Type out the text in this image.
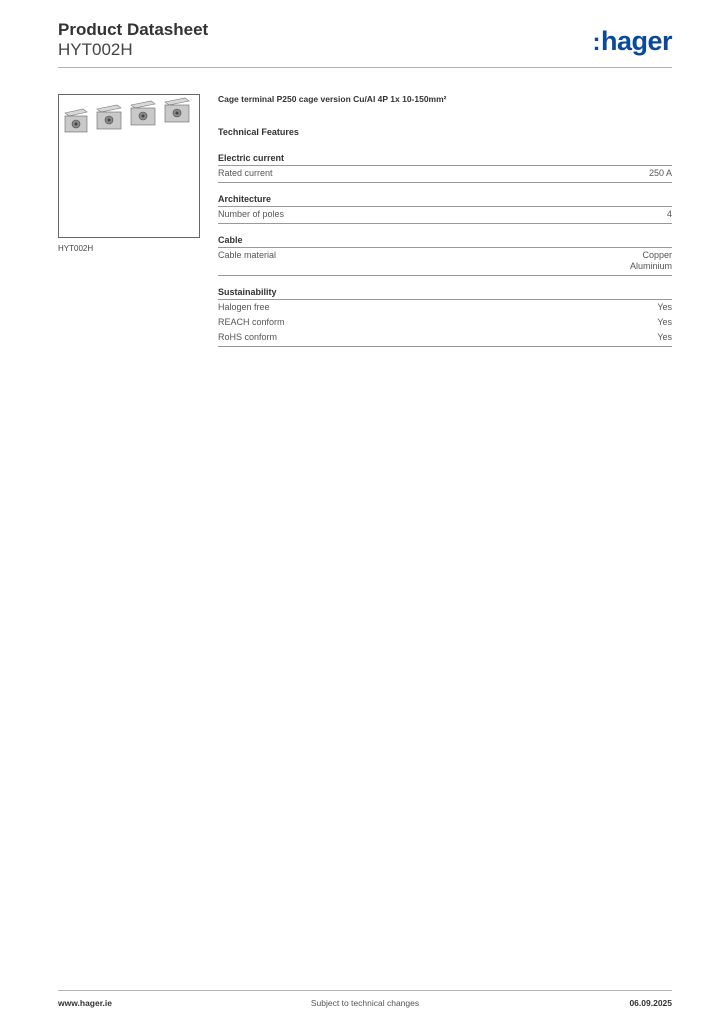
Product Datasheet
HYT002H	:hager
HYT002H
Cage terminal P250 cage version Cu/Al 4P 1x 10-150mm²
Technical Features
Electric current
Rated current	250 A
Architecture
Number of poles	4
Cable
Cable material	Copper
Aluminium
Sustainability
Halogen free	Yes
REACH conform	Yes
RoHS conform	Yes
www.hager.ie	Subject to technical changes	06.09.2025
